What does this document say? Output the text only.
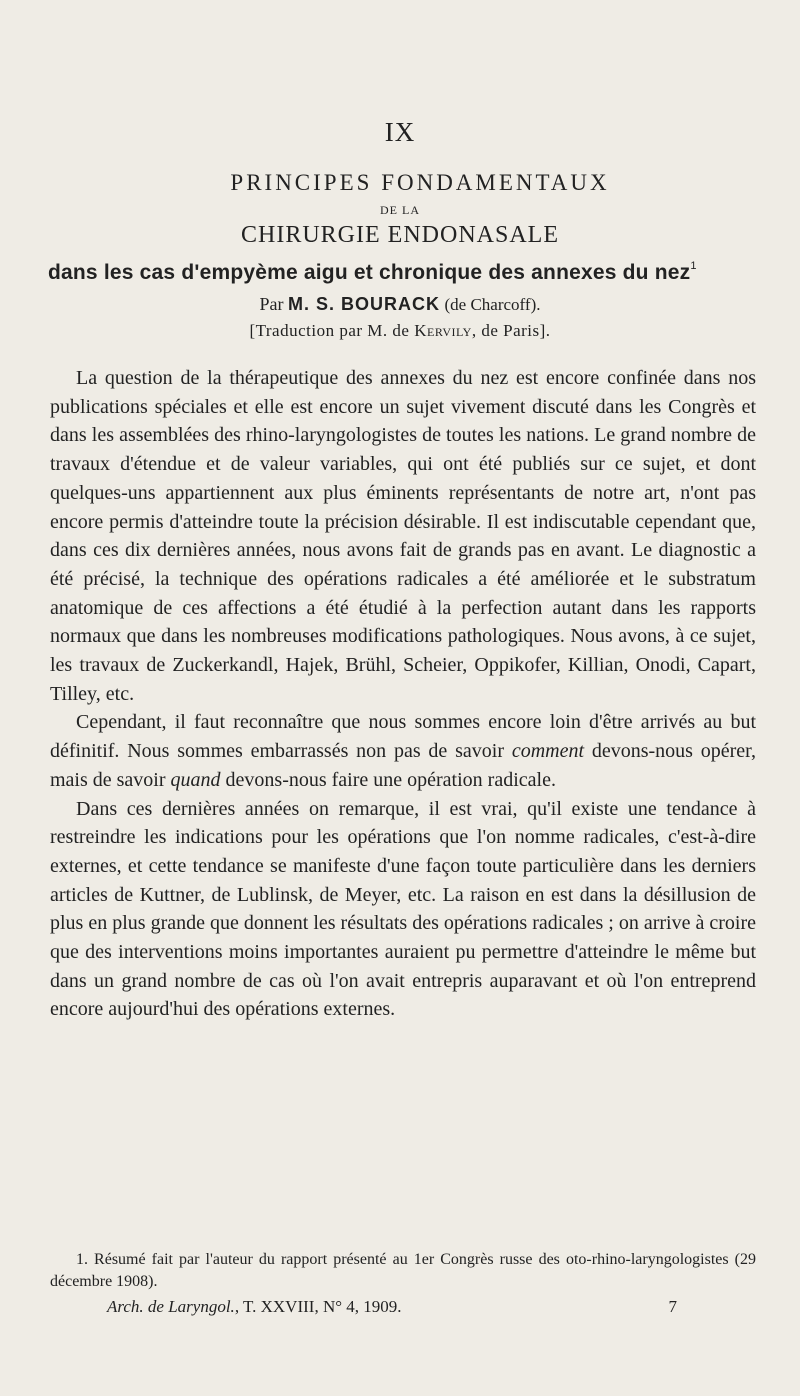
IX
PRINCIPES FONDAMENTAUX
DE LA
CHIRURGIE ENDONASALE
dans les cas d'empyème aigu et chronique des annexes du nez$^1$
Par M. S. BOURACK (de Charcoff).
[Traduction par M. de Kervily, de Paris].

La question de la thérapeutique des annexes du nez est encore confinée dans nos publications spéciales et elle est encore un sujet vivement discuté dans les Congrès et dans les assemblées des rhino-laryngologistes de toutes les nations. Le grand nombre de travaux d'étendue et de valeur variables, qui ont été publiés sur ce sujet, et dont quelques-uns appartiennent aux plus éminents représentants de notre art, n'ont pas encore permis d'atteindre toute la précision désirable. Il est indiscutable cependant que, dans ces dix dernières années, nous avons fait de grands pas en avant. Le diagnostic a été précisé, la technique des opérations radicales a été améliorée et le substratum anatomique de ces affections a été étudié à la perfection autant dans les rapports normaux que dans les nombreuses modifications pathologiques. Nous avons, à ce sujet, les travaux de Zuckerkandl, Hajek, Brühl, Scheier, Oppikofer, Killian, Onodi, Capart, Tilley, etc.

Cependant, il faut reconnaître que nous sommes encore loin d'être arrivés au but définitif. Nous sommes embarrassés non pas de savoir comment devons-nous opérer, mais de savoir quand devons-nous faire une opération radicale.

Dans ces dernières années on remarque, il est vrai, qu'il existe une tendance à restreindre les indications pour les opérations que l'on nomme radicales, c'est-à-dire externes, et cette tendance se manifeste d'une façon toute particulière dans les derniers articles de Kuttner, de Lublinsk, de Meyer, etc. La raison en est dans la désillusion de plus en plus grande que donnent les résultats des opérations radicales ; on arrive à croire que des interventions moins importantes auraient pu permettre d'atteindre le même but dans un grand nombre de cas où l'on avait entrepris auparavant et où l'on entreprend encore aujourd'hui des opérations externes.

1. Résumé fait par l'auteur du rapport présenté au 1er Congrès russe des oto-rhino-laryngologistes (29 décembre 1908).
Arch. de Laryngol., T. XXVIII, N° 4, 1909.	7
